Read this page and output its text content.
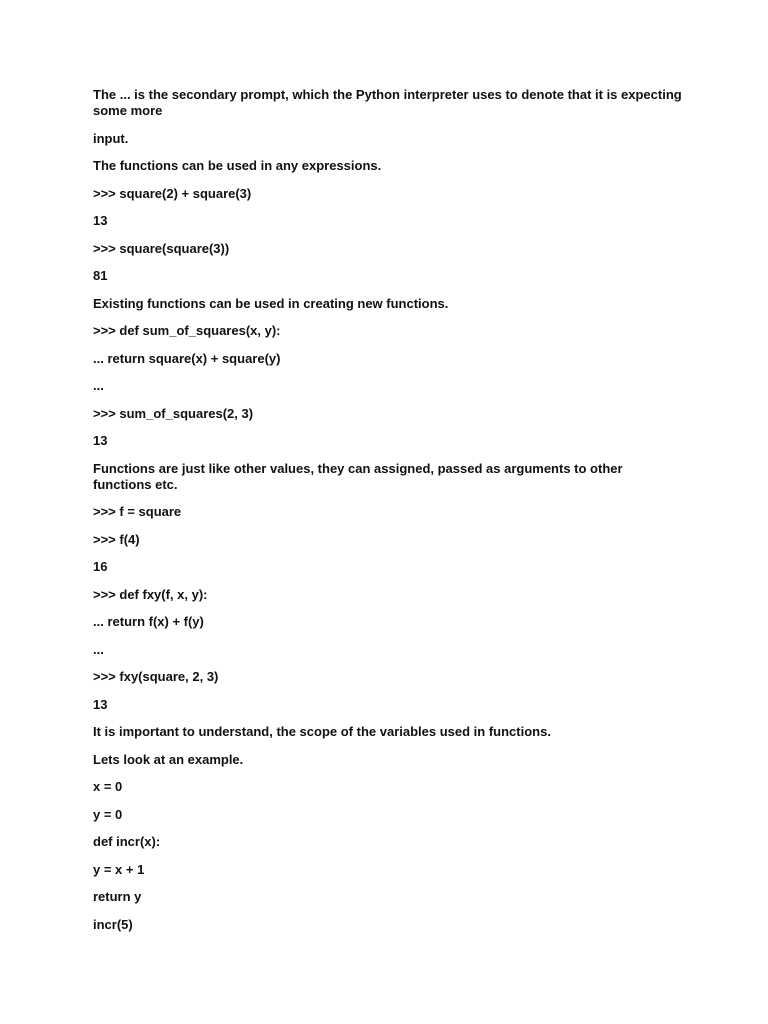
The ... is the secondary prompt, which the Python interpreter uses to denote that it is expecting some more

input.

The functions can be used in any expressions.

>>> square(2) + square(3)

13

>>> square(square(3))

81

Existing functions can be used in creating new functions.

>>> def sum_of_squares(x, y):

... return square(x) + square(y)

...

>>> sum_of_squares(2, 3)

13

Functions are just like other values, they can assigned, passed as arguments to other functions etc.

>>> f = square

>>> f(4)

16

>>> def fxy(f, x, y):

... return f(x) + f(y)

...

>>> fxy(square, 2, 3)

13

It is important to understand, the scope of the variables used in functions.

Lets look at an example.

x = 0

y = 0

def incr(x):

y = x + 1

return y

incr(5)
